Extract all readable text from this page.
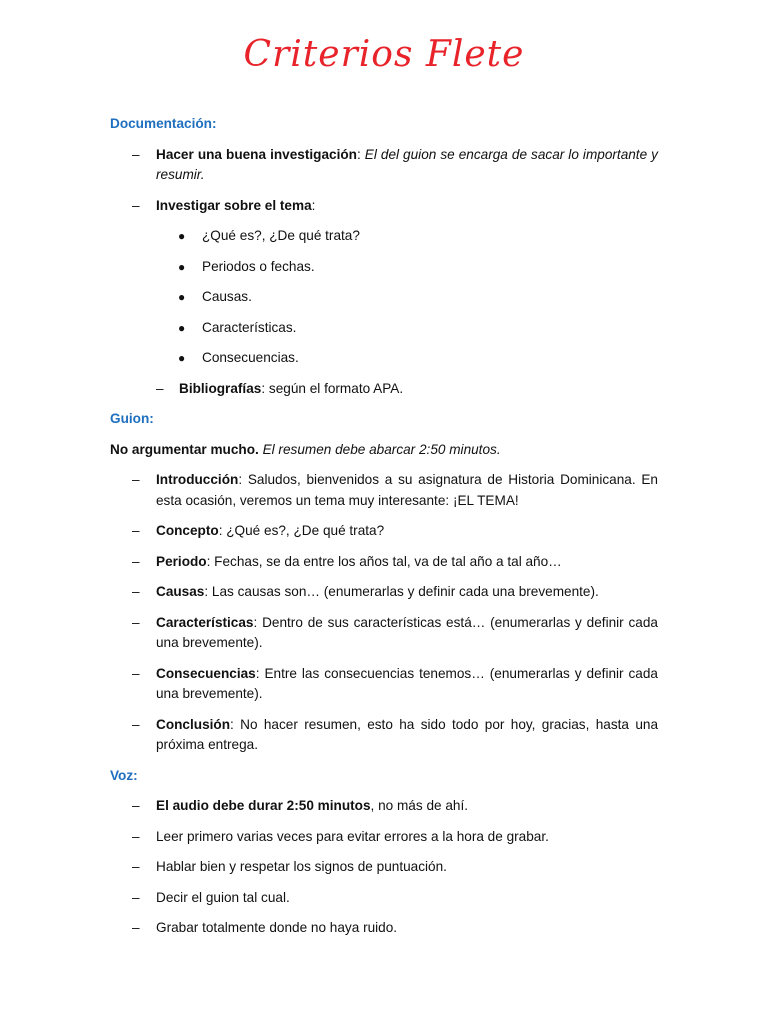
Criterios Flete

Documentación:

– Hacer una buena investigación: El del guion se encarga de sacar lo importante y resumir.
– Investigar sobre el tema:
● ¿Qué es?, ¿De qué trata?
● Periodos o fechas.
● Causas.
● Características.
● Consecuencias.
– Bibliografías: según el formato APA.

Guion:

No argumentar mucho. El resumen debe abarcar 2:50 minutos.

– Introducción: Saludos, bienvenidos a su asignatura de Historia Dominicana. En esta ocasión, veremos un tema muy interesante: ¡EL TEMA!
– Concepto: ¿Qué es?, ¿De qué trata?
– Periodo: Fechas, se da entre los años tal, va de tal año a tal año…
– Causas: Las causas son… (enumerarlas y definir cada una brevemente).
– Características: Dentro de sus características está… (enumerarlas y definir cada una brevemente).
– Consecuencias: Entre las consecuencias tenemos… (enumerarlas y definir cada una brevemente).
– Conclusión: No hacer resumen, esto ha sido todo por hoy, gracias, hasta una próxima entrega.

Voz:

– El audio debe durar 2:50 minutos, no más de ahí.
– Leer primero varias veces para evitar errores a la hora de grabar.
– Hablar bien y respetar los signos de puntuación.
– Decir el guion tal cual.
– Grabar totalmente donde no haya ruido.
